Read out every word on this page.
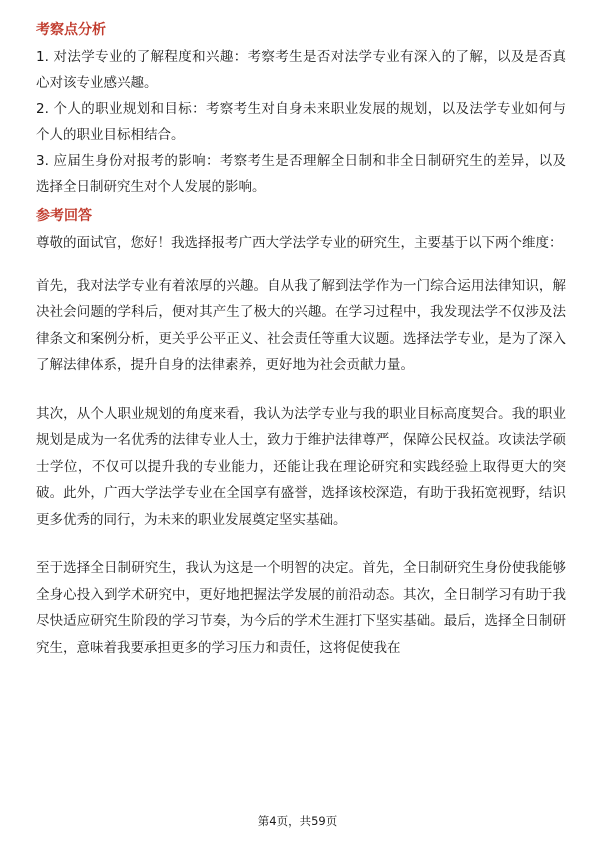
考察点分析

1. 对法学专业的了解程度和兴趣：考察考生是否对法学专业有深入的了解，以及是否真心对该专业感兴趣。

2. 个人的职业规划和目标：考察考生对自身未来职业发展的规划，以及法学专业如何与个人的职业目标相结合。

3. 应届生身份对报考的影响：考察考生是否理解全日制和非全日制研究生的差异，以及选择全日制研究生对个人发展的影响。

参考回答

尊敬的面试官，您好！我选择报考广西大学法学专业的研究生，主要基于以下两个维度：

首先，我对法学专业有着浓厚的兴趣。自从我了解到法学作为一门综合运用法律知识，解决社会问题的学科后，便对其产生了极大的兴趣。在学习过程中，我发现法学不仅涉及法律条文和案例分析，更关乎公平正义、社会责任等重大议题。选择法学专业，是为了深入了解法律体系，提升自身的法律素养，更好地为社会贡献力量。

其次，从个人职业规划的角度来看，我认为法学专业与我的职业目标高度契合。我的职业规划是成为一名优秀的法律专业人士，致力于维护法律尊严，保障公民权益。攻读法学硕士学位，不仅可以提升我的专业能力，还能让我在理论研究和实践经验上取得更大的突破。此外，广西大学法学专业在全国享有盛誉，选择该校深造，有助于我拓宽视野，结识更多优秀的同行，为未来的职业发展奠定坚实基础。

至于选择全日制研究生，我认为这是一个明智的决定。首先，全日制研究生身份使我能够全身心投入到学术研究中，更好地把握法学发展的前沿动态。其次，全日制学习有助于我尽快适应研究生阶段的学习节奏，为今后的学术生涯打下坚实基础。最后，选择全日制研究生，意味着我要承担更多的学习压力和责任，这将促使我在

第4页，共59页
